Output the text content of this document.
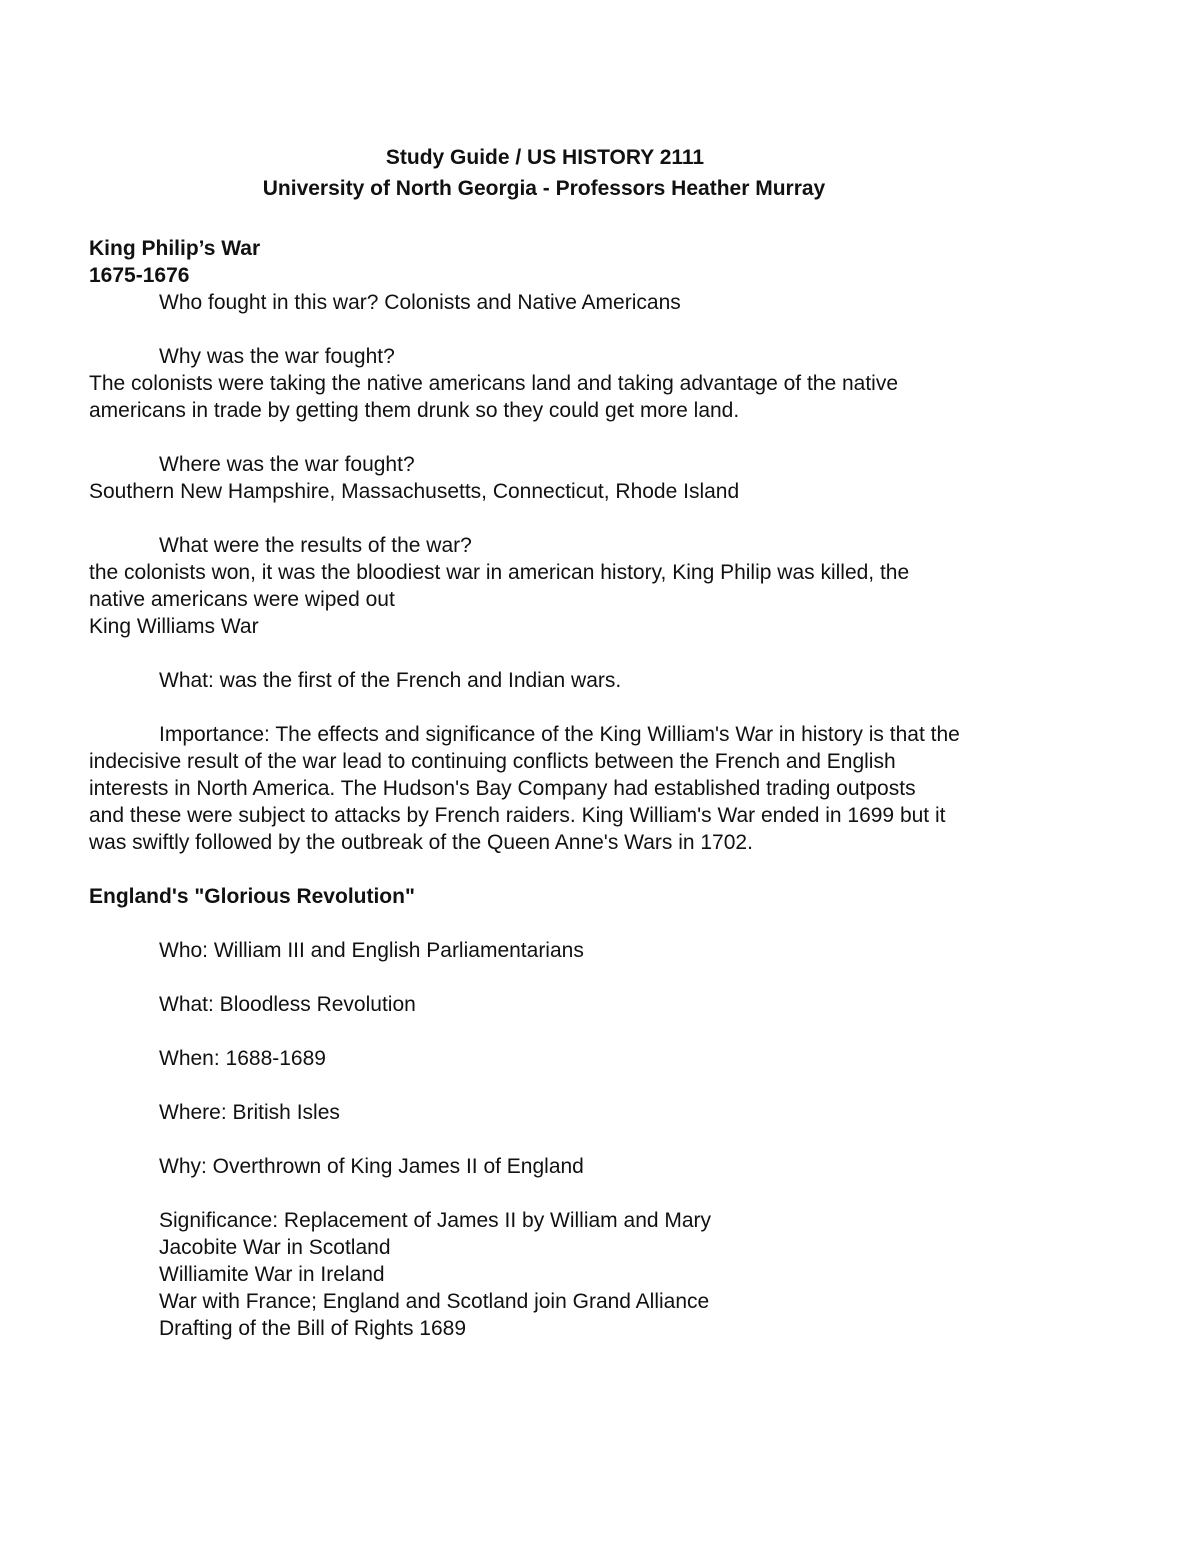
Study Guide / US HISTORY 2111
University of North Georgia - Professors Heather Murray
King Philip’s War
1675-1676
Who fought in this war? Colonists and Native Americans
Why was the war fought?
The colonists were taking the native americans land and taking advantage of the native
americans in trade by getting them drunk so they could get more land.
Where was the war fought?
Southern New Hampshire, Massachusetts, Connecticut, Rhode Island
What were the results of the war?
the colonists won, it was the bloodiest war in american history, King Philip was killed, the
native americans were wiped out
King Williams War
What: was the first of the French and Indian wars.
Importance: The effects and significance of the King William's War in history is that the
indecisive result of the war lead to continuing conflicts between the French and English
interests in North America. The Hudson's Bay Company had established trading outposts
and these were subject to attacks by French raiders. King William's War ended in 1699 but it
was swiftly followed by the outbreak of the Queen Anne's Wars in 1702.
England's "Glorious Revolution"
Who: William III and English Parliamentarians
What: Bloodless Revolution
When: 1688-1689
Where: British Isles
Why: Overthrown of King James II of England
Significance: Replacement of James II by William and Mary
Jacobite War in Scotland
Williamite War in Ireland
War with France; England and Scotland join Grand Alliance
Drafting of the Bill of Rights 1689
